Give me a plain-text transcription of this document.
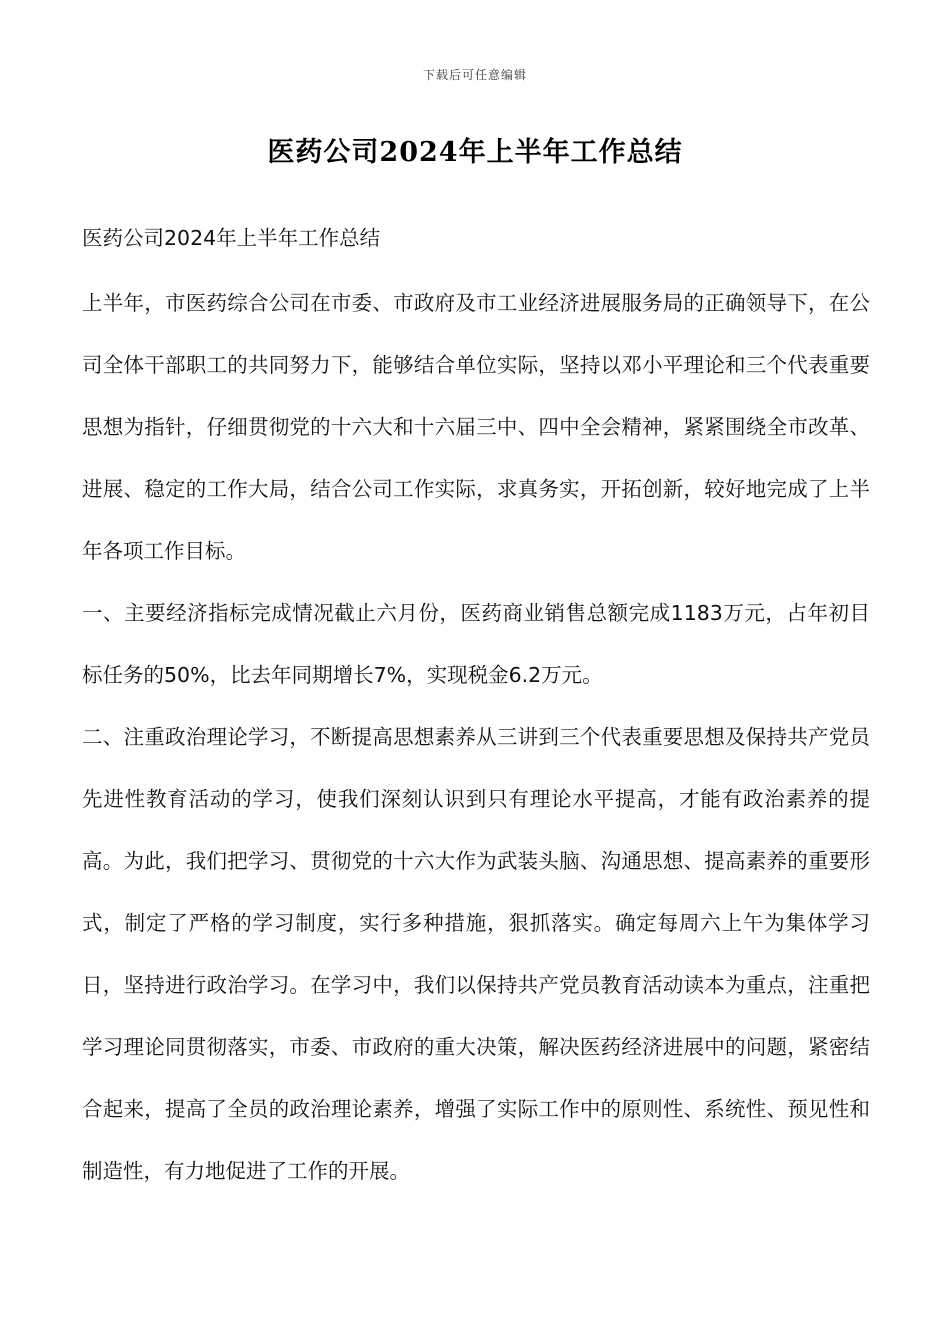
下载后可任意编辑
医药公司2024年上半年工作总结

医药公司2024年上半年工作总结

上半年，市医药综合公司在市委、市政府及市工业经济进展服务局的正确领导下，在公司全体干部职工的共同努力下，能够结合单位实际，坚持以邓小平理论和三个代表重要思想为指针，仔细贯彻党的十六大和十六届三中、四中全会精神，紧紧围绕全市改革、进展、稳定的工作大局，结合公司工作实际，求真务实，开拓创新，较好地完成了上半年各项工作目标。

一、主要经济指标完成情况截止六月份，医药商业销售总额完成1183万元，占年初目标任务的50%，比去年同期增长7%，实现税金6.2万元。

二、注重政治理论学习，不断提高思想素养从三讲到三个代表重要思想及保持共产党员先进性教育活动的学习，使我们深刻认识到只有理论水平提高，才能有政治素养的提高。为此，我们把学习、贯彻党的十六大作为武装头脑、沟通思想、提高素养的重要形式，制定了严格的学习制度，实行多种措施，狠抓落实。确定每周六上午为集体学习日，坚持进行政治学习。在学习中，我们以保持共产党员教育活动读本为重点，注重把学习理论同贯彻落实，市委、市政府的重大决策，解决医药经济进展中的问题，紧密结合起来，提高了全员的政治理论素养，增强了实际工作中的原则性、系统性、预见性和制造性，有力地促进了工作的开展。
